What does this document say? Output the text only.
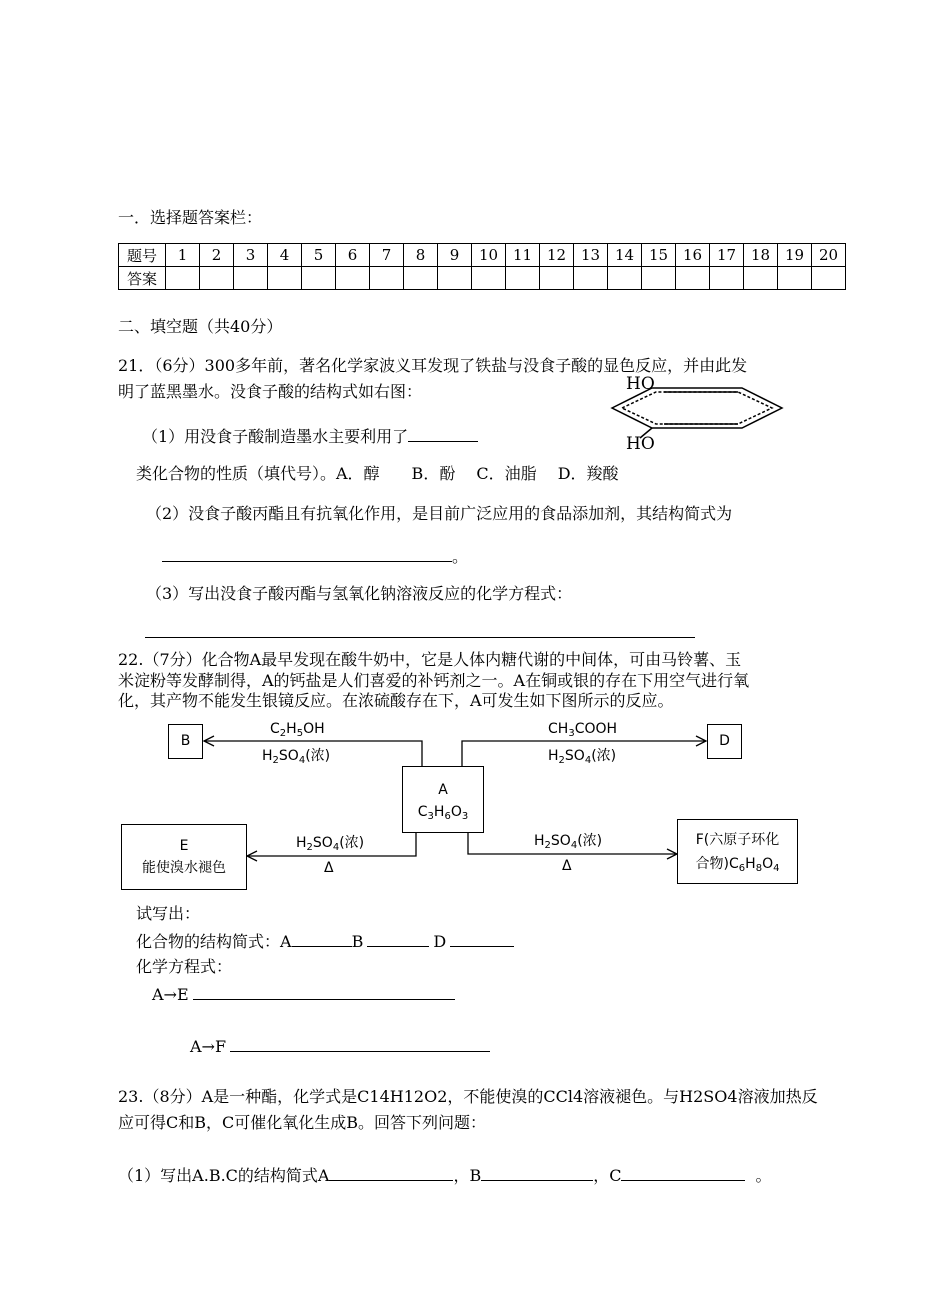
一．选择题答案栏：
题号	1	2	3	4	5	6	7	8	9	10	11	12	13	14	15	16	17	18	19	20
答案																				
二、填空题（共40分）
21．（6分）300多年前，著名化学家波义耳发现了铁盐与没食子酸的显色反应，并由此发
明了蓝黑墨水。没食子酸的结构式如右图：	HO
HO
（1）用没食子酸制造墨水主要利用了
类化合物的性质（填代号）。A．醇　　B．酚　 C．油脂　 D．羧酸
（2）没食子酸丙酯且有抗氧化作用，是目前广泛应用的食品添加剂，其结构简式为
。
（3）写出没食子酸丙酯与氢氧化钠溶液反应的化学方程式：
22.（7分）化合物A最早发现在酸牛奶中，它是人体内糖代谢的中间体，可由马铃薯、玉
米淀粉等发酵制得，A的钙盐是人们喜爱的补钙剂之一。A在铜或银的存在下用空气进行氧
化，其产物不能发生银镜反应。在浓硫酸存在下，A可发生如下图所示的反应。
B	D
A
$C_3H_6O_3$
E
能使溴水褪色
F(六原子环化
合物)$C_6H_8O_4$
$C_2H_5OH$
$H_2SO_4$(浓)
$CH_3COOH$
$H_2SO_4$(浓)
$H_2SO_4$(浓)
Δ
$H_2SO_4$(浓)
Δ
试写出：
化合物的结构简式：A	B	D
化学方程式：
A→E
A→F
23.（8分）A是一种酯，化学式是C14H12O2，不能使溴的CCl4溶液褪色。与H2SO4溶液加热反
应可得C和B，C可催化氧化生成B。回答下列问题：
（1）写出A.B.C的结构简式A	，B	，C	。
